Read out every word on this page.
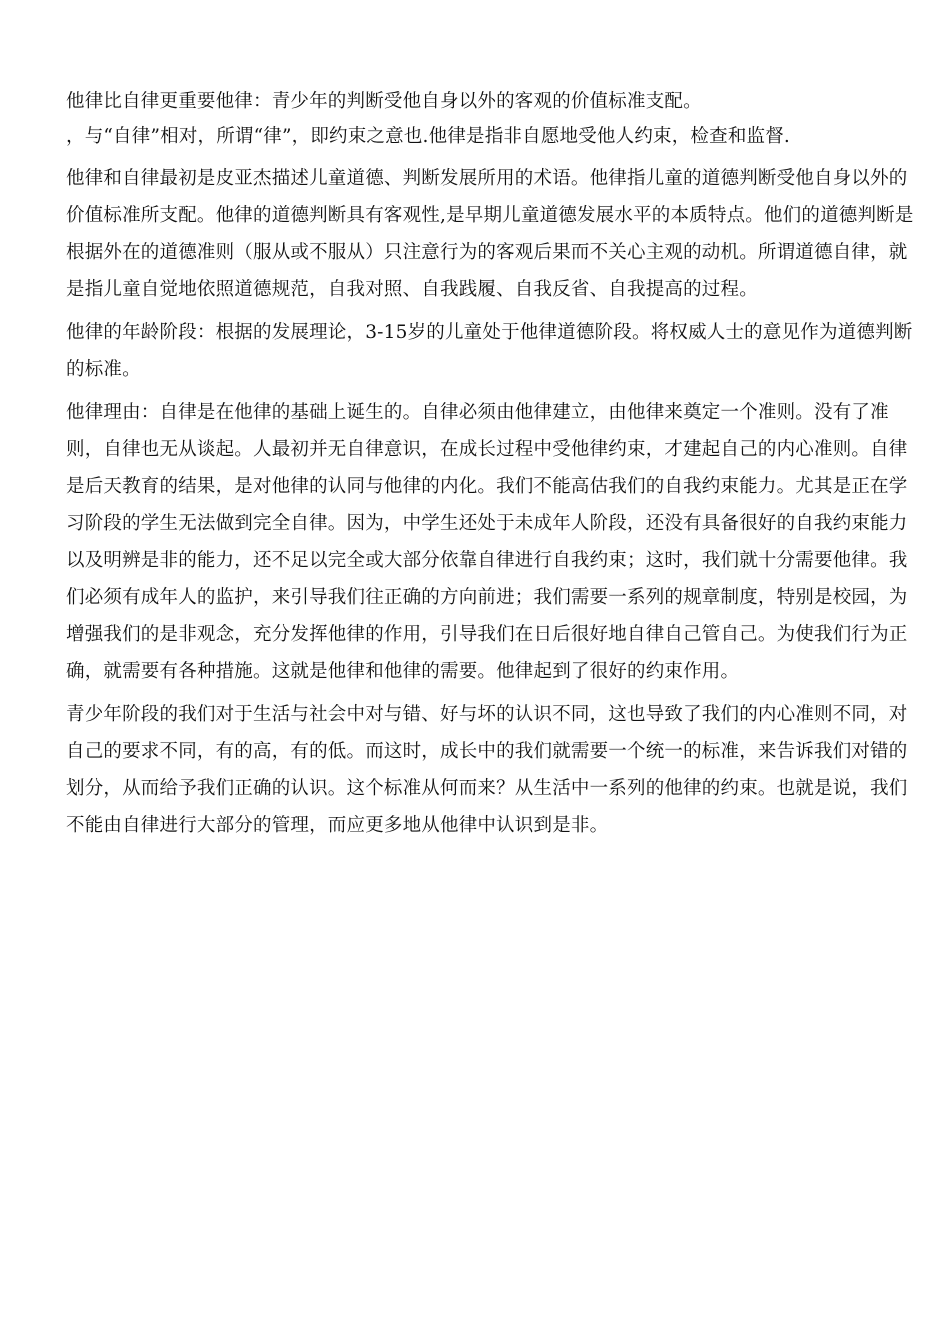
他律比自律更重要他律：青少年的判断受他自身以外的客观的价值标准支配。

，与“自律”相对，所谓“律”，即约束之意也.他律是指非自愿地受他人约束，检查和监督.

他律和自律最初是皮亚杰描述儿童道德、判断发展所用的术语。他律指儿童的道德判断受他自身以外的价值标准所支配。他律的道德判断具有客观性,是早期儿童道德发展水平的本质特点。他们的道德判断是根据外在的道德准则（服从或不服从）只注意行为的客观后果而不关心主观的动机。所谓道德自律，就是指儿童自觉地依照道德规范，自我对照、自我践履、自我反省、自我提高的过程。

他律的年龄阶段：根据的发展理论，3-15岁的儿童处于他律道德阶段。将权威人士的意见作为道德判断的标准。

他律理由：自律是在他律的基础上诞生的。自律必须由他律建立，由他律来奠定一个准则。没有了准则，自律也无从谈起。人最初并无自律意识，在成长过程中受他律约束，才建起自己的内心准则。自律是后天教育的结果，是对他律的认同与他律的内化。我们不能高估我们的自我约束能力。尤其是正在学习阶段的学生无法做到完全自律。因为，中学生还处于未成年人阶段，还没有具备很好的自我约束能力以及明辨是非的能力，还不足以完全或大部分依靠自律进行自我约束；这时，我们就十分需要他律。我们必须有成年人的监护，来引导我们往正确的方向前进；我们需要一系列的规章制度，特别是校园，为增强我们的是非观念，充分发挥他律的作用，引导我们在日后很好地自律自己管自己。为使我们行为正确，就需要有各种措施。这就是他律和他律的需要。他律起到了很好的约束作用。

青少年阶段的我们对于生活与社会中对与错、好与坏的认识不同，这也导致了我们的内心准则不同，对自己的要求不同，有的高，有的低。而这时，成长中的我们就需要一个统一的标准，来告诉我们对错的划分，从而给予我们正确的认识。这个标准从何而来？从生活中一系列的他律的约束。也就是说，我们不能由自律进行大部分的管理，而应更多地从他律中认识到是非。
